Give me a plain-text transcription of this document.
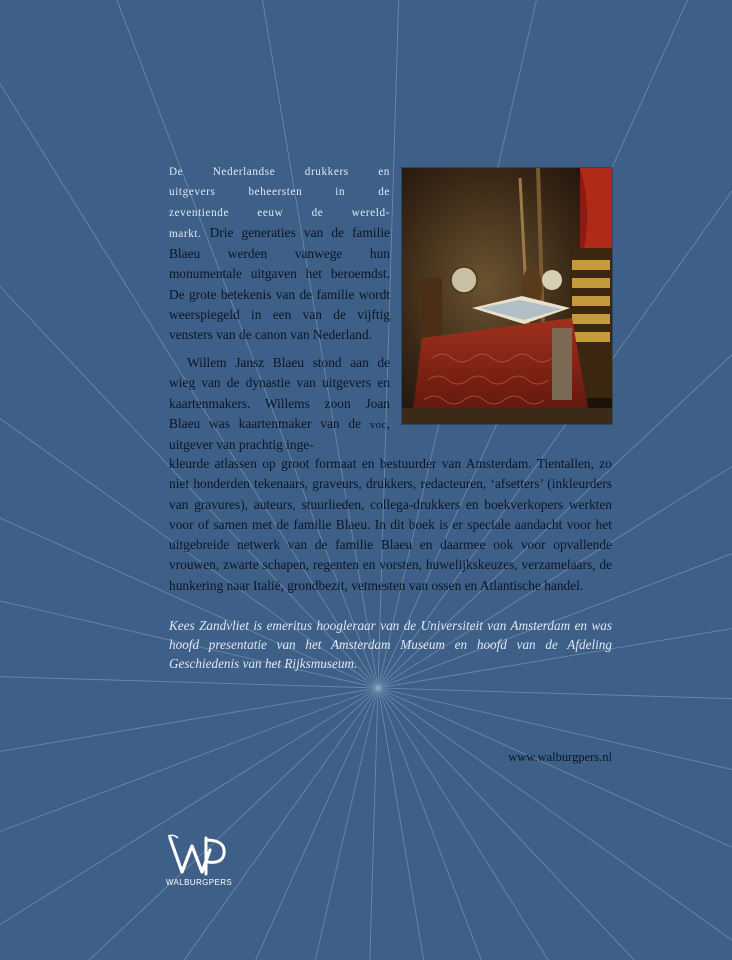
De Nederlandse drukkers en
uitgevers beheersten in de
zeventiende eeuw de wereld-
markt. Drie generaties van de familie Blaeu werden vanwege hun monumentale uitgaven het beroemdst. De grote betekenis van de familie wordt weerspiegeld in een van de vijftig vensters van de canon van Nederland.
Willem Jansz Blaeu stond aan de wieg van de dynastie van uitgevers en kaartenmakers. Willems zoon Joan Blaeu was kaartenmaker van de voc, uitgever van prachtig inge-
kleurde atlassen op groot formaat en bestuurder van Amsterdam. Tientallen, zo niet honderden tekenaars, graveurs, drukkers, redacteuren, ‘afsetters’ (inkleurders van gravures), auteurs, stuurlieden, collega-drukkers en boekverkopers werkten voor of samen met de familie Blaeu. In dit boek is er speciale aandacht voor het uitgebreide netwerk van de familie Blaeu en daarmee ook voor opvallende vrouwen, zwarte schapen, regenten en vorsten, huwelijkskeuzes, verzamelaars, de hunkering naar Italië, grondbezit, vetmesten van ossen en Atlantische handel.
Kees Zandvliet is emeritus hoogleraar van de Universiteit van Amsterdam en was hoofd presentatie van het Amsterdam Museum en hoofd van de Afdeling Geschiedenis van het Rijksmuseum.
www.walburgpers.nl
WALBURGPERS
